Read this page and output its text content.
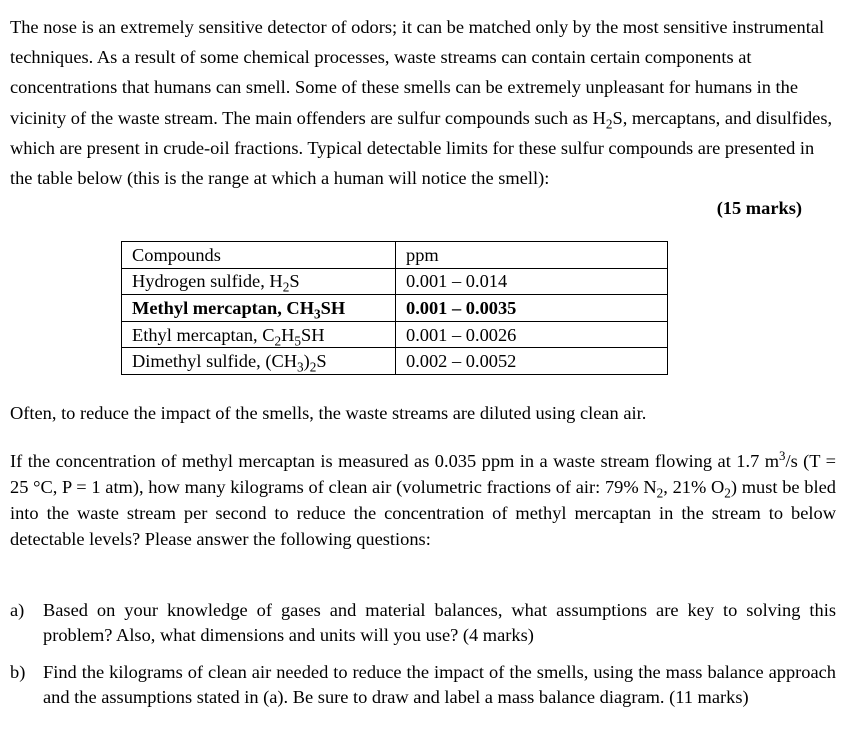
The nose is an extremely sensitive detector of odors; it can be matched only by the most sensitive instrumental techniques. As a result of some chemical processes, waste streams can contain certain components at concentrations that humans can smell. Some of these smells can be extremely unpleasant for humans in the vicinity of the waste stream. The main offenders are sulfur compounds such as $H_2S$, mercaptans, and disulfides, which are present in crude-oil fractions. Typical detectable limits for these sulfur compounds are presented in the table below (this is the range at which a human will notice the smell):

(15 marks)

Compounds	ppm
Hydrogen sulfide, $H_2S$	0.001 – 0.014
Methyl mercaptan, $CH_3SH$	0.001 – 0.0035
Ethyl mercaptan, $C_2H_5SH$	0.001 – 0.0026
Dimethyl sulfide, $(CH_3)_2S$	0.002 – 0.0052

Often, to reduce the impact of the smells, the waste streams are diluted using clean air.

If the concentration of methyl mercaptan is measured as 0.035 ppm in a waste stream flowing at 1.7 $m^3/s$ (T = 25 °C, P = 1 atm), how many kilograms of clean air (volumetric fractions of air: 79% $N_2$, 21% $O_2$) must be bled into the waste stream per second to reduce the concentration of methyl mercaptan in the stream to below detectable levels? Please answer the following questions:

a) Based on your knowledge of gases and material balances, what assumptions are key to solving this problem? Also, what dimensions and units will you use? (4 marks)
b) Find the kilograms of clean air needed to reduce the impact of the smells, using the mass balance approach and the assumptions stated in (a). Be sure to draw and label a mass balance diagram. (11 marks)
